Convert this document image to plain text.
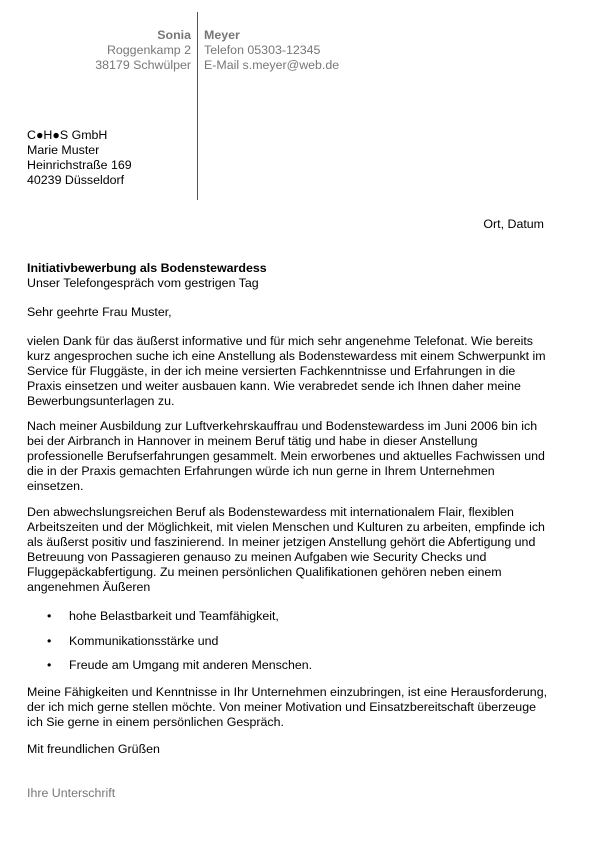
Sonia
Roggenkamp 2
38179 Schwülper
Meyer
Telefon 05303-12345
E-Mail s.meyer@web.de
C●H●S GmbH
Marie Muster
Heinrichstraße 169
40239 Düsseldorf
Ort, Datum
Initiativbewerbung als Bodenstewardess
Unser Telefongespräch vom gestrigen Tag
Sehr geehrte Frau Muster,

vielen Dank für das äußerst informative und für mich sehr angenehme Telefonat. Wie bereits kurz angesprochen suche ich eine Anstellung als Bodenstewardess mit einem Schwerpunkt im Service für Fluggäste, in der ich meine versierten Fachkenntnisse und Erfahrungen in die Praxis einsetzen und weiter ausbauen kann. Wie verabredet sende ich Ihnen daher meine Bewerbungsunterlagen zu.

Nach meiner Ausbildung zur Luftverkehrskauffrau und Bodenstewardess im Juni 2006 bin ich bei der Airbranch in Hannover in meinem Beruf tätig und habe in dieser Anstellung professionelle Berufserfahrungen gesammelt. Mein erworbenes und aktuelles Fachwissen und die in der Praxis gemachten Erfahrungen würde ich nun gerne in Ihrem Unternehmen einsetzen.

Den abwechslungsreichen Beruf als Bodenstewardess mit internationalem Flair, flexiblen Arbeitszeiten und der Möglichkeit, mit vielen Menschen und Kulturen zu arbeiten, empfinde ich als äußerst positiv und faszinierend. In meiner jetzigen Anstellung gehört die Abfertigung und Betreuung von Passagieren genauso zu meinen Aufgaben wie Security Checks und Fluggepäckabfertigung. Zu meinen persönlichen Qualifikationen gehören neben einem angenehmen Äußeren

• hohe Belastbarkeit und Teamfähigkeit,
• Kommunikationsstärke und
• Freude am Umgang mit anderen Menschen.

Meine Fähigkeiten und Kenntnisse in Ihr Unternehmen einzubringen, ist eine Herausforderung, der ich mich gerne stellen möchte. Von meiner Motivation und Einsatzbereitschaft überzeuge ich Sie gerne in einem persönlichen Gespräch.

Mit freundlichen Grüßen
Ihre Unterschrift
